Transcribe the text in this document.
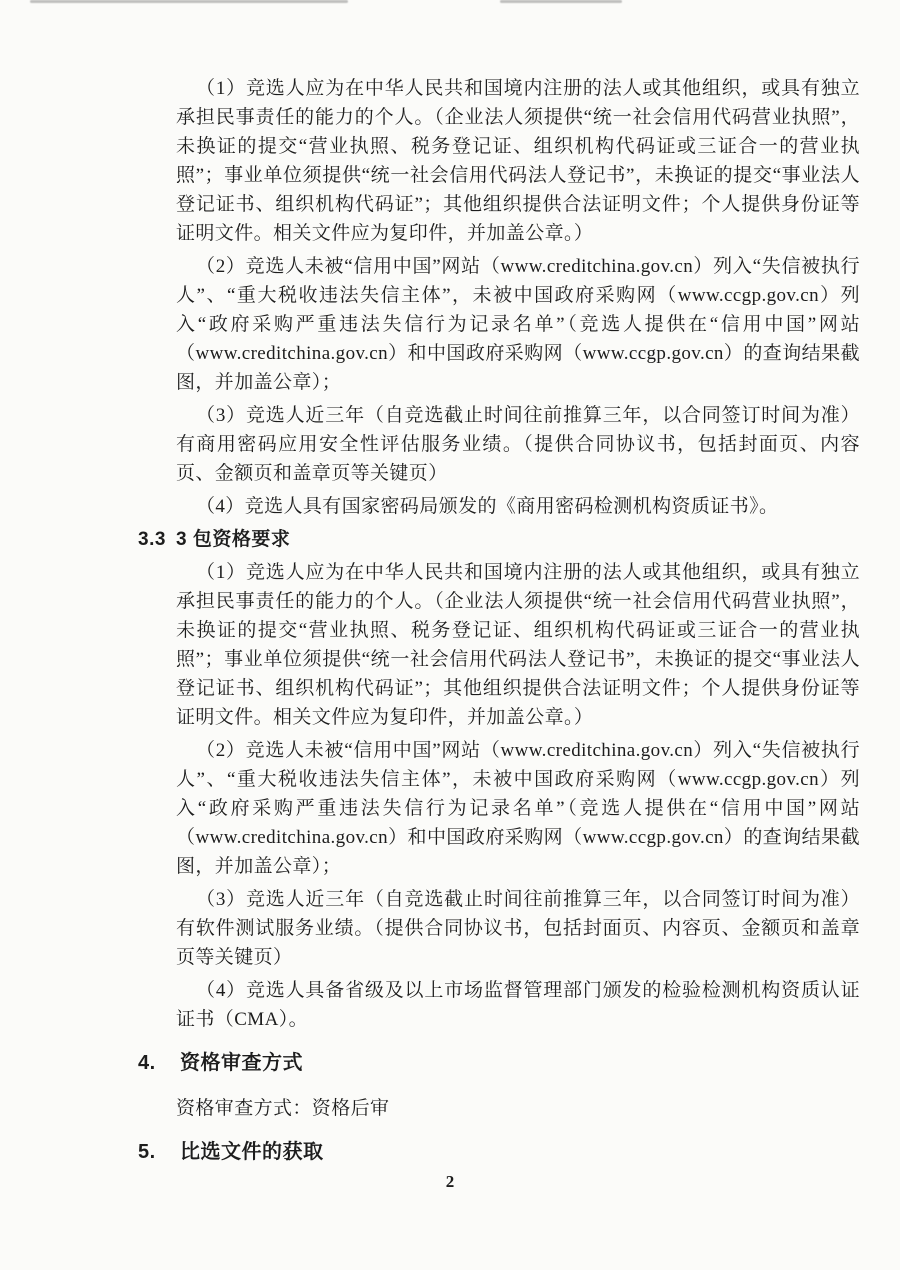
（1）竞选人应为在中华人民共和国境内注册的法人或其他组织，或具有独立承担民事责任的能力的个人。（企业法人须提供“统一社会信用代码营业执照”，未换证的提交“营业执照、税务登记证、组织机构代码证或三证合一的营业执照”；事业单位须提供“统一社会信用代码法人登记书”，未换证的提交“事业法人登记证书、组织机构代码证”；其他组织提供合法证明文件；个人提供身份证等证明文件。相关文件应为复印件，并加盖公章。）

（2）竞选人未被“信用中国”网站（www.creditchina.gov.cn）列入“失信被执行人”、“重大税收违法失信主体”，未被中国政府采购网（www.ccgp.gov.cn）列入“政府采购严重违法失信行为记录名单”（竞选人提供在“信用中国”网站（www.creditchina.gov.cn）和中国政府采购网（www.ccgp.gov.cn）的查询结果截图，并加盖公章）；

（3）竞选人近三年（自竞选截止时间往前推算三年，以合同签订时间为准）有商用密码应用安全性评估服务业绩。（提供合同协议书，包括封面页、内容页、金额页和盖章页等关键页）

（4）竞选人具有国家密码局颁发的《商用密码检测机构资质证书》。

3.3 3 包资格要求

（1）竞选人应为在中华人民共和国境内注册的法人或其他组织，或具有独立承担民事责任的能力的个人。（企业法人须提供“统一社会信用代码营业执照”，未换证的提交“营业执照、税务登记证、组织机构代码证或三证合一的营业执照”；事业单位须提供“统一社会信用代码法人登记书”，未换证的提交“事业法人登记证书、组织机构代码证”；其他组织提供合法证明文件；个人提供身份证等证明文件。相关文件应为复印件，并加盖公章。）

（2）竞选人未被“信用中国”网站（www.creditchina.gov.cn）列入“失信被执行人”、“重大税收违法失信主体”，未被中国政府采购网（www.ccgp.gov.cn）列入“政府采购严重违法失信行为记录名单”（竞选人提供在“信用中国”网站（www.creditchina.gov.cn）和中国政府采购网（www.ccgp.gov.cn）的查询结果截图，并加盖公章）；

（3）竞选人近三年（自竞选截止时间往前推算三年，以合同签订时间为准）有软件测试服务业绩。（提供合同协议书，包括封面页、内容页、金额页和盖章页等关键页）

（4）竞选人具备省级及以上市场监督管理部门颁发的检验检测机构资质认证证书（CMA）。

4.	资格审查方式

资格审查方式：资格后审

5.	比选文件的获取
2
